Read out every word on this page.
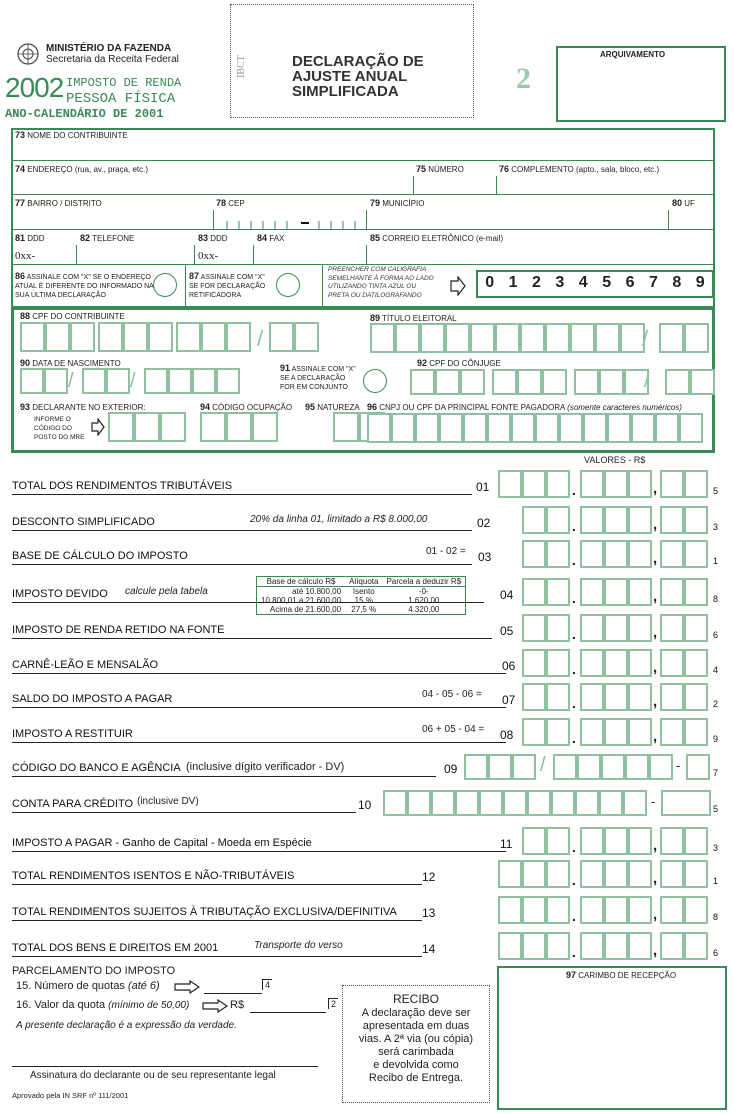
MINISTÉRIO DA FAZENDA
Secretaria da Receita Federal
2002 IMPOSTO DE RENDA
PESSOA FÍSICA
ANO-CALENDÁRIO DE 2001
IBCT	DECLARAÇÃO DE
AJUSTE ANUAL
SIMPLIFICADA	2
ARQUIVAMENTO
73 NOME DO CONTRIBUINTE
74 ENDEREÇO (rua, av., praça, etc.)	75 NÚMERO	76 COMPLEMENTO (apto., sala, bloco, etc.)
77 BAIRRO / DISTRITO	78 CEP	79 MUNICÍPIO	80 UF
81 DDD
0xx-
82 TELEFONE	83 DDD
0xx-
84 FAX	85 CORREIO ELETRÔNICO (e-mail)
86 ASSINALE COM "X" SE O ENDEREÇO
ATUAL É DIFERENTE DO INFORMADO NA
SUA ÚLTIMA DECLARAÇÃO
87 ASSINALE COM "X"
SE FOR DECLARAÇÃO
RETIFICADORA
PREENCHER COM CALIGRAFIA
SEMELHANTE À FORMA AO LADO
UTILIZANDO TINTA AZUL OU
PRETA OU DATILOGRAFANDO
0 1 2 3 4 5 6 7 8 9
88 CPF DO CONTRIBUINTE
/
89 TÍTULO ELEITORAL
/
90 DATA DE NASCIMENTO
/	/
91 ASSINALE COM "X"
SE A DECLARAÇÃO
FOR EM CONJUNTO
92 CPF DO CÔNJUGE
/
93 DECLARANTE NO EXTERIOR:
INFORME O
CÓDIGO DO
POSTO DO MRE
94 CÓDIGO OCUPAÇÃO 95 NATUREZA 96 CNPJ OU CPF DA PRINCIPAL FONTE PAGADORA (somente caracteres numéricos)
VALORES - R$
TOTAL DOS RENDIMENTOS TRIBUTÁVEIS	01	.	,	5
DESCONTO SIMPLIFICADO	20% da linha 01, limitado a R$ 8.000,00	02	.	,	3
BASE DE CÁLCULO DO IMPOSTO	01 - 02 = 03	.	,	1
IMPOSTO DEVIDO calcule pela tabela	04	.	,	8
IMPOSTO DE RENDA RETIDO NA FONTE	05	.	,	6
CARNÊ-LEÃO E MENSALÃO	06	.	,	4
SALDO DO IMPOSTO A PAGAR	04 - 05 - 06 = 07	.	,	2
IMPOSTO A RESTITUIR	06 + 05 - 04 = 08	.	,	9
CÓDIGO DO BANCO E AGÊNCIA (inclusive dígito verificador - DV)	09	/	-	7
CONTA PARA CRÉDITO (inclusive DV)	10	-	5
IMPOSTO A PAGAR - Ganho de Capital - Moeda em Espécie	11	.	,	3
TOTAL RENDIMENTOS ISENTOS E NÃO-TRIBUTÁVEIS	12	.	,	1
TOTAL RENDIMENTOS SUJEITOS À TRIBUTAÇÃO EXCLUSIVA/DEFINITIVA 13	.	,	8
TOTAL DOS BENS E DIREITOS EM 2001	Transporte do verso	14	.	,	6
Base de cálculo R$	Alíquota	Parcela a deduzir R$
até 10.800,00	Isento	-0-
10.800,01 a 21.600,00	15 %	1.620,00
Acima de 21.600,00	27,5 %	4.320,00
PARCELAMENTO DO IMPOSTO
15. Número de quotas (até 6)	4
16. Valor da quota (mínimo de 50,00)	R$	2
A presente declaração é a expressão da verdade.
Assinatura do declarante ou de seu representante legal
Aprovado pela IN SRF nº 111/2001
RECIBO
A declaração deve ser
apresentada em duas
vias. A 2ª via (ou cópia)
será carimbada
e devolvida como
Recibo de Entrega.
97 CARIMBO DE RECEPÇÃO
